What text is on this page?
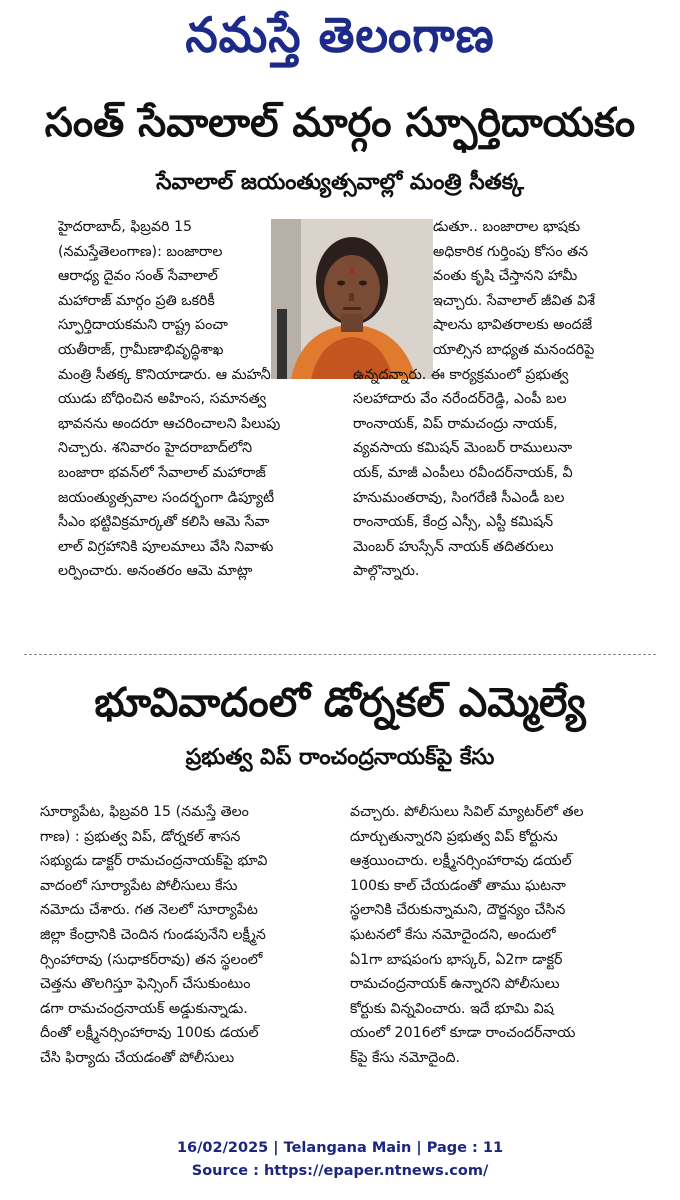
నమస్తే తెలంగాణ
సంత్ సేవాలాల్ మార్గం స్ఫూర్తిదాయకం
సేవాలాల్ జయంత్యుత్సవాల్లో మంత్రి సీతక్క
హైదరాబాద్, ఫిబ్రవరి 15
(నమస్తేతెలంగాణ): బంజారాల
ఆరాధ్య దైవం సంత్ సేవాలాల్
మహారాజ్ మార్గం ప్రతి ఒకరికీ
స్ఫూర్తిదాయకమని రాష్ట్ర పంచా
యతీరాజ్, గ్రామీణాభివృద్ధిశాఖ
మంత్రి సీతక్క కొనియాడారు. ఆ మహనీ
యుడు బోధించిన అహింస, సమానత్వ
భావనను అందరూ ఆచరించాలని పిలుపు
నిచ్చారు. శనివారం హైదరాబాద్‌లోని
బంజారా భవన్‌లో సేవాలాల్ మహారాజ్
జయంత్యుత్సవాల సందర్భంగా డిప్యూటీ
సీఎం భట్టివిక్రమార్కతో కలిసి ఆమె సేవా
లాల్ విగ్రహానికి పూలమాలు వేసి నివాళు
లర్పించారు. అనంతరం ఆమె మాట్లా
డుతూ.. బంజారాల భాషకు
అధికారిక గుర్తింపు కోసం తన
వంతు కృషి చేస్తానని హామీ
ఇచ్చారు. సేవాలాల్ జీవిత విశే
షాలను భావితరాలకు అందజే
యాల్సిన బాధ్యత మనందరిపై
ఉన్నదన్నారు. ఈ కార్యక్రమంలో ప్రభుత్వ
సలహాదారు వేం నరేందర్‌రెడ్డి, ఎంపీ బల
రాంనాయక్, విప్ రామచంద్రు నాయక్,
వ్యవసాయ కమిషన్ మెంబర్ రాములునా
యక్, మాజీ ఎంపీలు రవీందర్‌నాయక్, వీ
హనుమంతరావు, సింగరేణి సీఎండీ బల
రాంనాయక్, కేంద్ర ఎస్సీ, ఎస్టీ కమిషన్
మెంబర్ హుస్సేన్ నాయక్ తదితరులు
పాల్గొన్నారు.
భూవివాదంలో డోర్నకల్ ఎమ్మెల్యే
ప్రభుత్వ విప్ రాంచంద్రనాయక్‌పై కేసు
సూర్యాపేట, ఫిబ్రవరి 15 (నమస్తే తెలం
గాణ) : ప్రభుత్వ విప్, డోర్నకల్ శాసన
సభ్యుడు డాక్టర్ రామచంద్రనాయక్‌పై భూవి
వాదంలో సూర్యాపేట పోలీసులు కేసు
నమోదు చేశారు. గత నెలలో సూర్యాపేట
జిల్లా కేంద్రానికి చెందిన గుండపునేని లక్ష్మీన
ర్సింహారావు (సుధాకర్‌రావు) తన స్థలంలో
చెత్తను తొలగిస్తూ ఫెన్సింగ్ చేసుకుంటుం
డగా రామచంద్రనాయక్ అడ్డుకున్నాడు.
దీంతో లక్ష్మీనర్సింహారావు 100కు డయల్
చేసి ఫిర్యాదు చేయడంతో పోలీసులు
వచ్చారు. పోలీసులు సివిల్ మ్యాటర్‌లో తల
దూర్చుతున్నారని ప్రభుత్వ విప్ కోర్టును
ఆశ్రయించారు. లక్ష్మీనర్సింహారావు డయల్
100కు కాల్ చేయడంతో తాము ఘటనా
స్థలానికి చేరుకున్నామని, దౌర్జన్యం చేసిన
ఘటనలో కేసు నమోదైందని, అందులో
ఏ1గా బాషపంగు భాస్కర్, ఏ2గా డాక్టర్
రామచంద్రనాయక్ ఉన్నారని పోలీసులు
కోర్టుకు విన్నవించారు. ఇదే భూమి విష
యంలో 2016లో కూడా రాంచందర్‌నాయ
క్‌పై కేసు నమోదైంది.
16/02/2025 | Telangana Main | Page : 11
Source : https://epaper.ntnews.com/
